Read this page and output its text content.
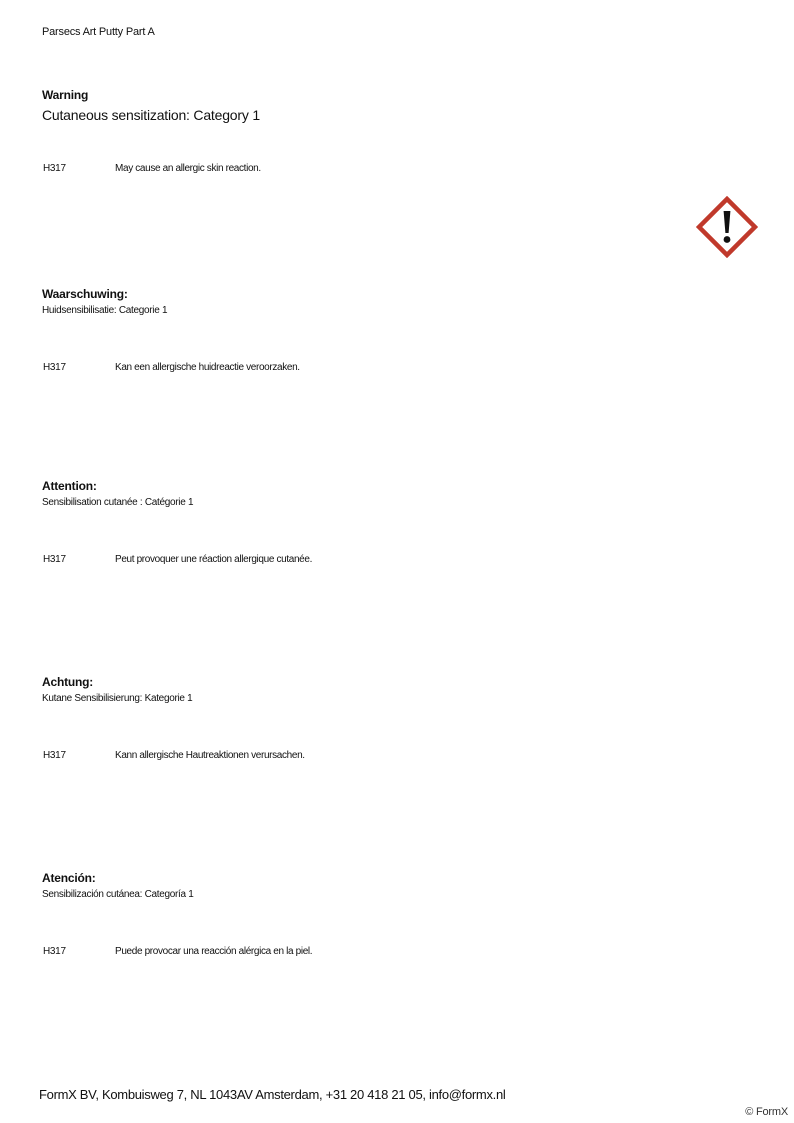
Parsecs Art Putty Part A
Warning
Cutaneous sensitization: Category 1
H317	May cause an allergic skin reaction.
Waarschuwing:
Huidsensibilisatie: Categorie 1
H317	Kan een allergische huidreactie veroorzaken.
Attention:
Sensibilisation cutanée : Catégorie 1
H317	Peut provoquer une réaction allergique cutanée.
Achtung:
Kutane Sensibilisierung: Kategorie 1
H317	Kann allergische Hautreaktionen verursachen.
Atención:
Sensibilización cutánea: Categoría 1
H317	Puede provocar una reacción alérgica en la piel.
FormX BV, Kombuisweg 7, NL 1043AV Amsterdam, +31 20 418 21 05, info@formx.nl
© FormX
